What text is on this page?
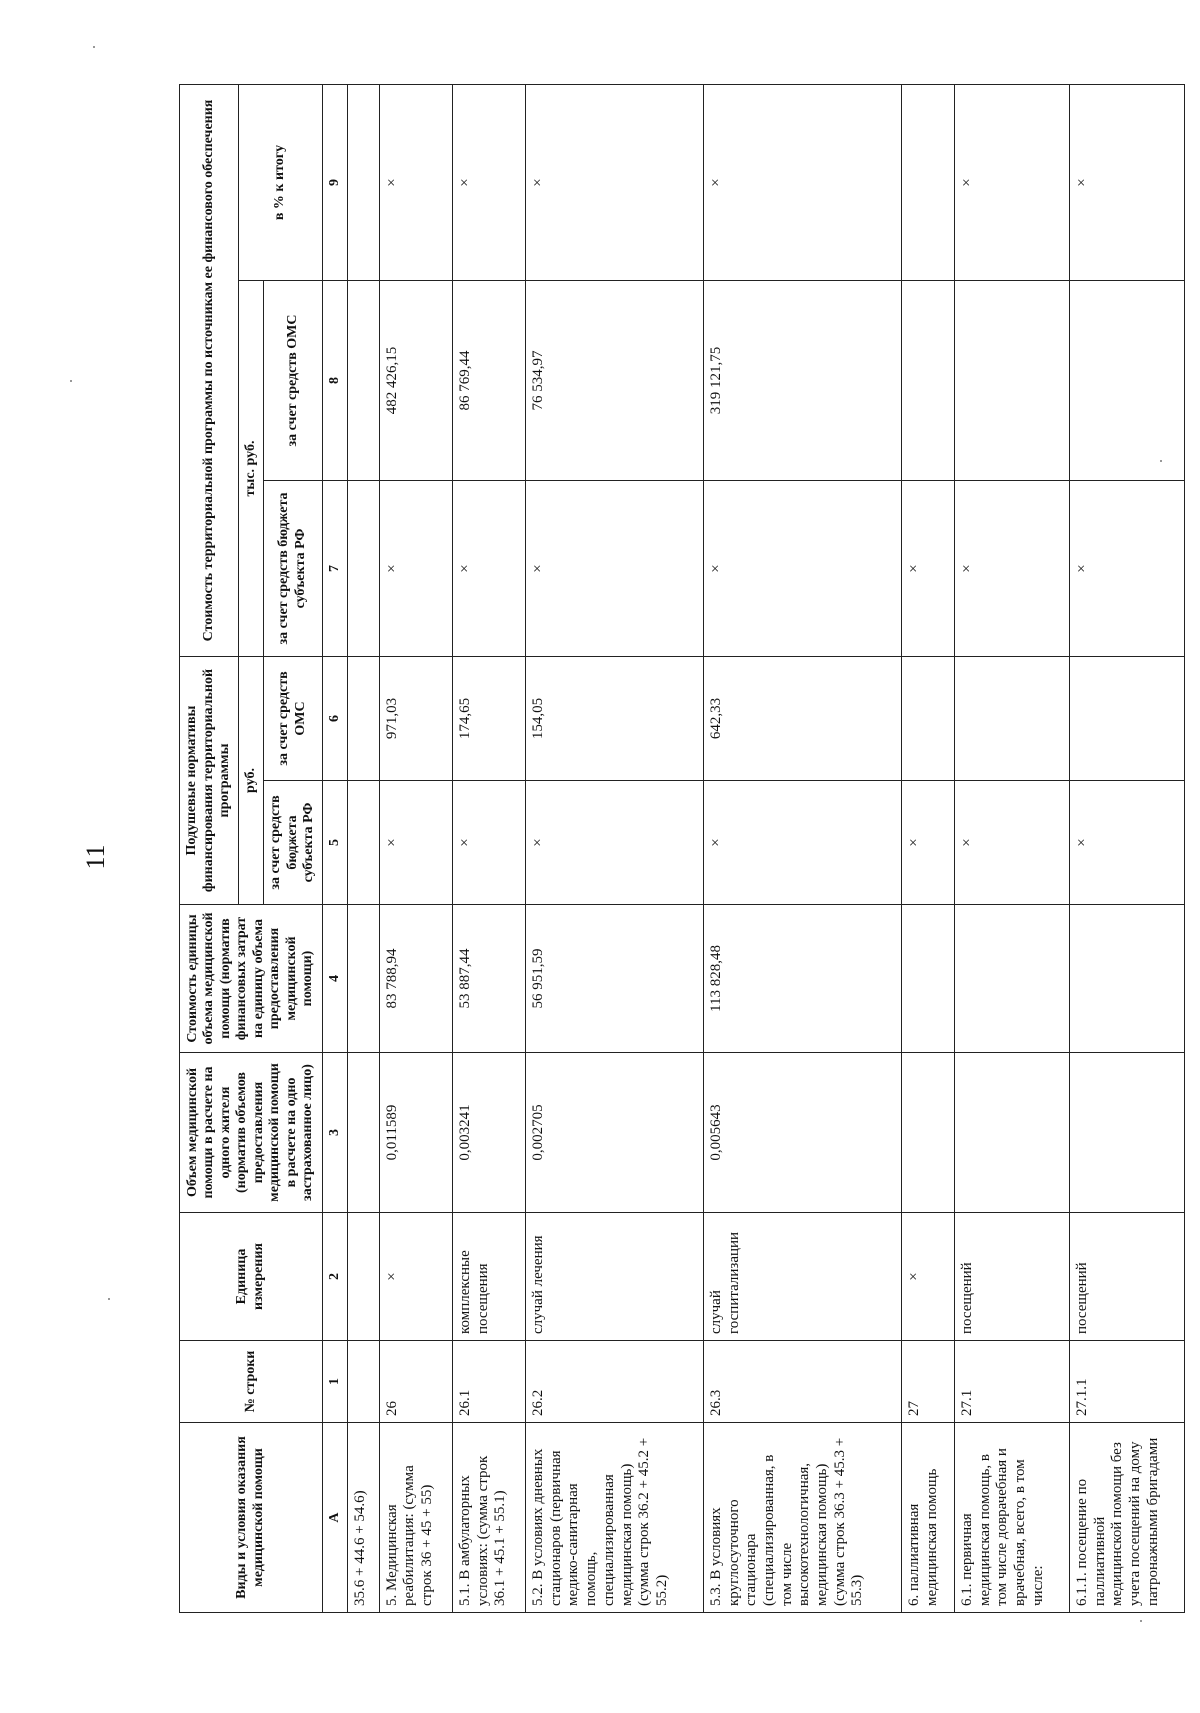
11
Виды и условия оказания медицинской помощи	№ строки	Единица измерения	Объем медицинской помощи в расчете на одного жителя (норматив объемов предоставления медицинской помощи в расчете на одно застрахованное лицо)	Стоимость единицы объема медицинской помощи (норматив финансовых затрат на единицу объема предоставления медицинской помощи)	Подушевые нормативы финансирования территориальной программы		Стоимость территориальной программы по источникам ее финансового обеспечения		
					руб.		тыс. руб.		в % к итогу
					за счет средств бюджета субъекта РФ	за счет средств ОМС	за счет средств бюджета субъекта РФ	за счет средств ОМС	
А	1	2	3	4	5	6	7	8	9
35.6 + 44.6 + 54.6)									
5. Медицинская реабилитация: (сумма строк 36 + 45 + 55)	26	×	0,011589	83 788,94	×	971,03	×	482 426,15	×
5.1. В амбулаторных условиях: (сумма строк 36.1 + 45.1 + 55.1)	26.1	комплексные посещения	0,003241	53 887,44	×	174,65	×	86 769,44	×
5.2. В условиях дневных стационаров (первичная медико-санитарная помощь, специализированная медицинская помощь) (сумма строк 36.2 + 45.2 + 55.2)	26.2	случай лечения	0,002705	56 951,59	×	154,05	×	76 534,97	×
5.3. В условиях круглосуточного стационара (специализированная, в том числе высокотехнологичная, медицинская помощь) (сумма строк 36.3 + 45.3 + 55.3)	26.3	случай госпитализации	0,005643	113 828,48	×	642,33	×	319 121,75	×
6. паллиативная медицинская помощь	27	×			×		×		
6.1. первичная медицинская помощь, в том числе доврачебная и врачебная, всего, в том числе:	27.1	посещений			×		×		×
6.1.1. посещение по паллиативной медицинской помощи без учета посещений на дому патронажными бригадами	27.1.1	посещений			×		×		×
